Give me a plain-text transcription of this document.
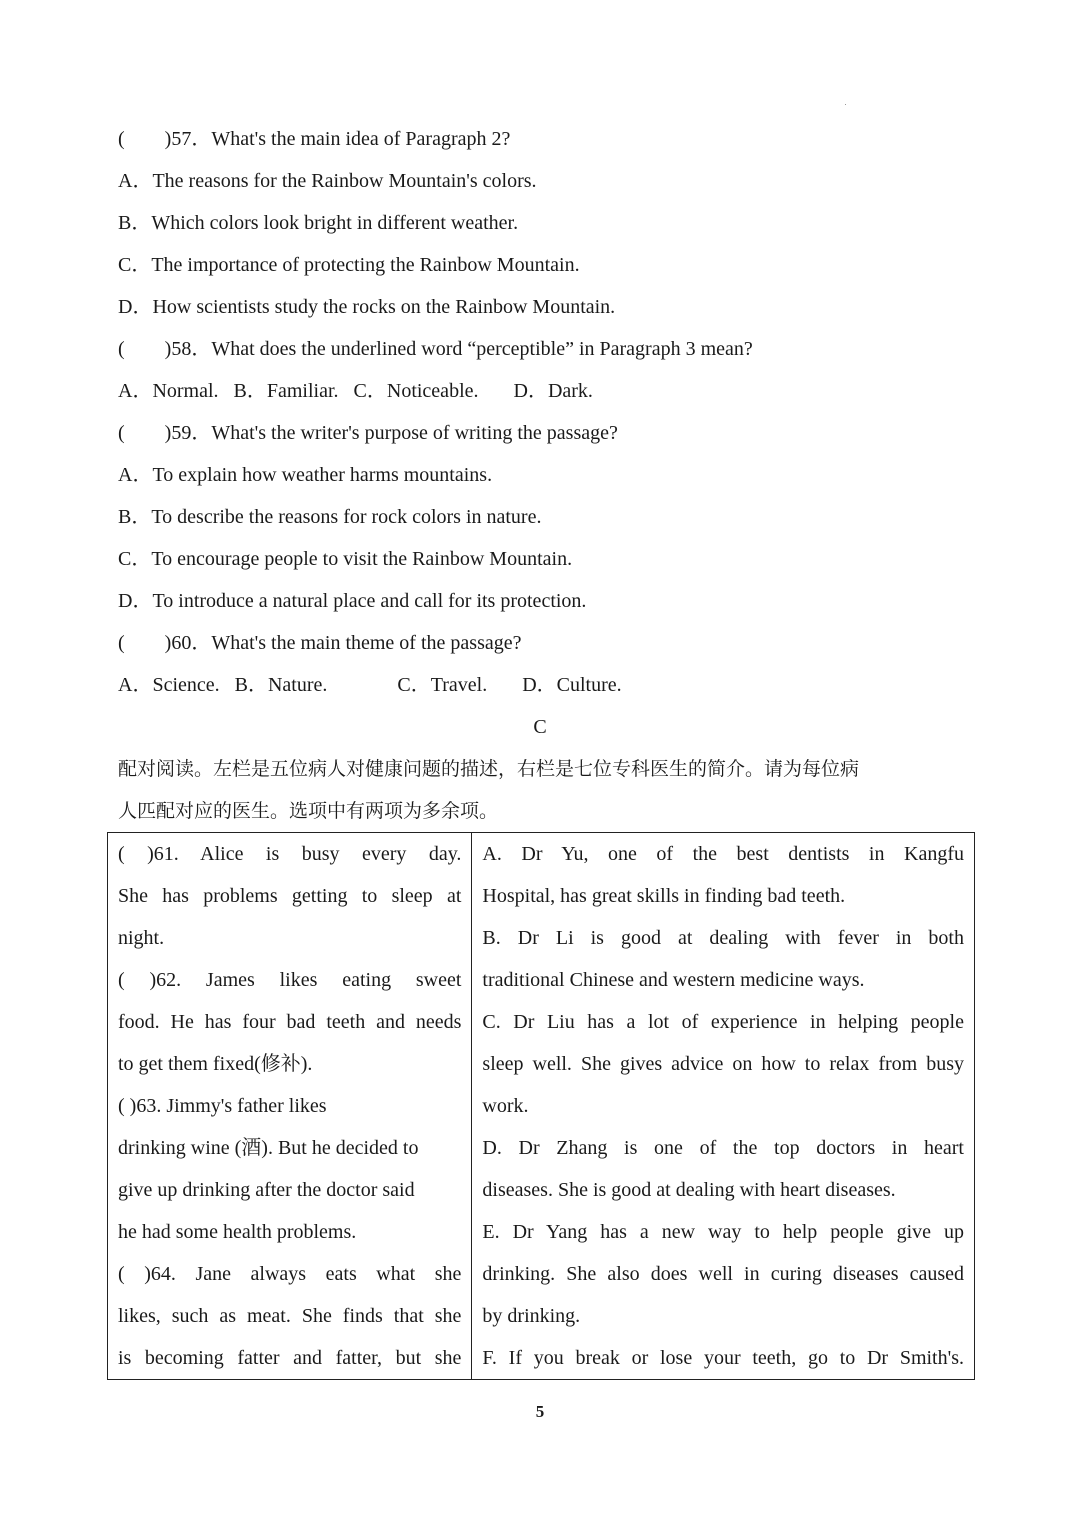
(        )57．What's the main idea of Paragraph 2?
A．The reasons for the Rainbow Mountain's colors.
B．Which colors look bright in different weather.
C．The importance of protecting the Rainbow Mountain.
D．How scientists study the rocks on the Rainbow Mountain.
(        )58．What does the underlined word “perceptible” in Paragraph 3 mean?
A．Normal.   B．Familiar.   C．Noticeable.       D．Dark.
(        )59．What's the writer's purpose of writing the passage?
A．To explain how weather harms mountains.
B．To describe the reasons for rock colors in nature.
C．To encourage people to visit the Rainbow Mountain.
D．To introduce a natural place and call for its protection.
(        )60．What's the main theme of the passage?
A．Science.   B．Nature.              C．Travel.       D．Culture.
C
配对阅读。左栏是五位病人对健康问题的描述，右栏是七位专科医生的简介。请为每位病
人匹配对应的医生。选项中有两项为多余项。
( )61. Alice is busy every day.
She has problems getting to sleep at
night.
( )62. James likes eating sweet
food. He has four bad teeth and needs
to get them fixed(修补).
( )63. Jimmy's father likes
drinking wine (酒). But he decided to
give up drinking after the doctor said
he had some health problems.
( )64. Jane always eats what she
likes, such as meat. She finds that she
is becoming fatter and fatter, but she

A. Dr Yu, one of the best dentists in Kangfu
Hospital, has great skills in finding bad teeth.
B. Dr Li is good at dealing with fever in both
traditional Chinese and western medicine ways.
C. Dr Liu has a lot of experience in helping people
sleep well. She gives advice on how to relax from busy
work.
D. Dr Zhang is one of the top doctors in heart
diseases. She is good at dealing with heart diseases.
E. Dr Yang has a new way to help people give up
drinking. She also does well in curing diseases caused
by drinking.
F. If you break or lose your teeth, go to Dr Smith's.
5
